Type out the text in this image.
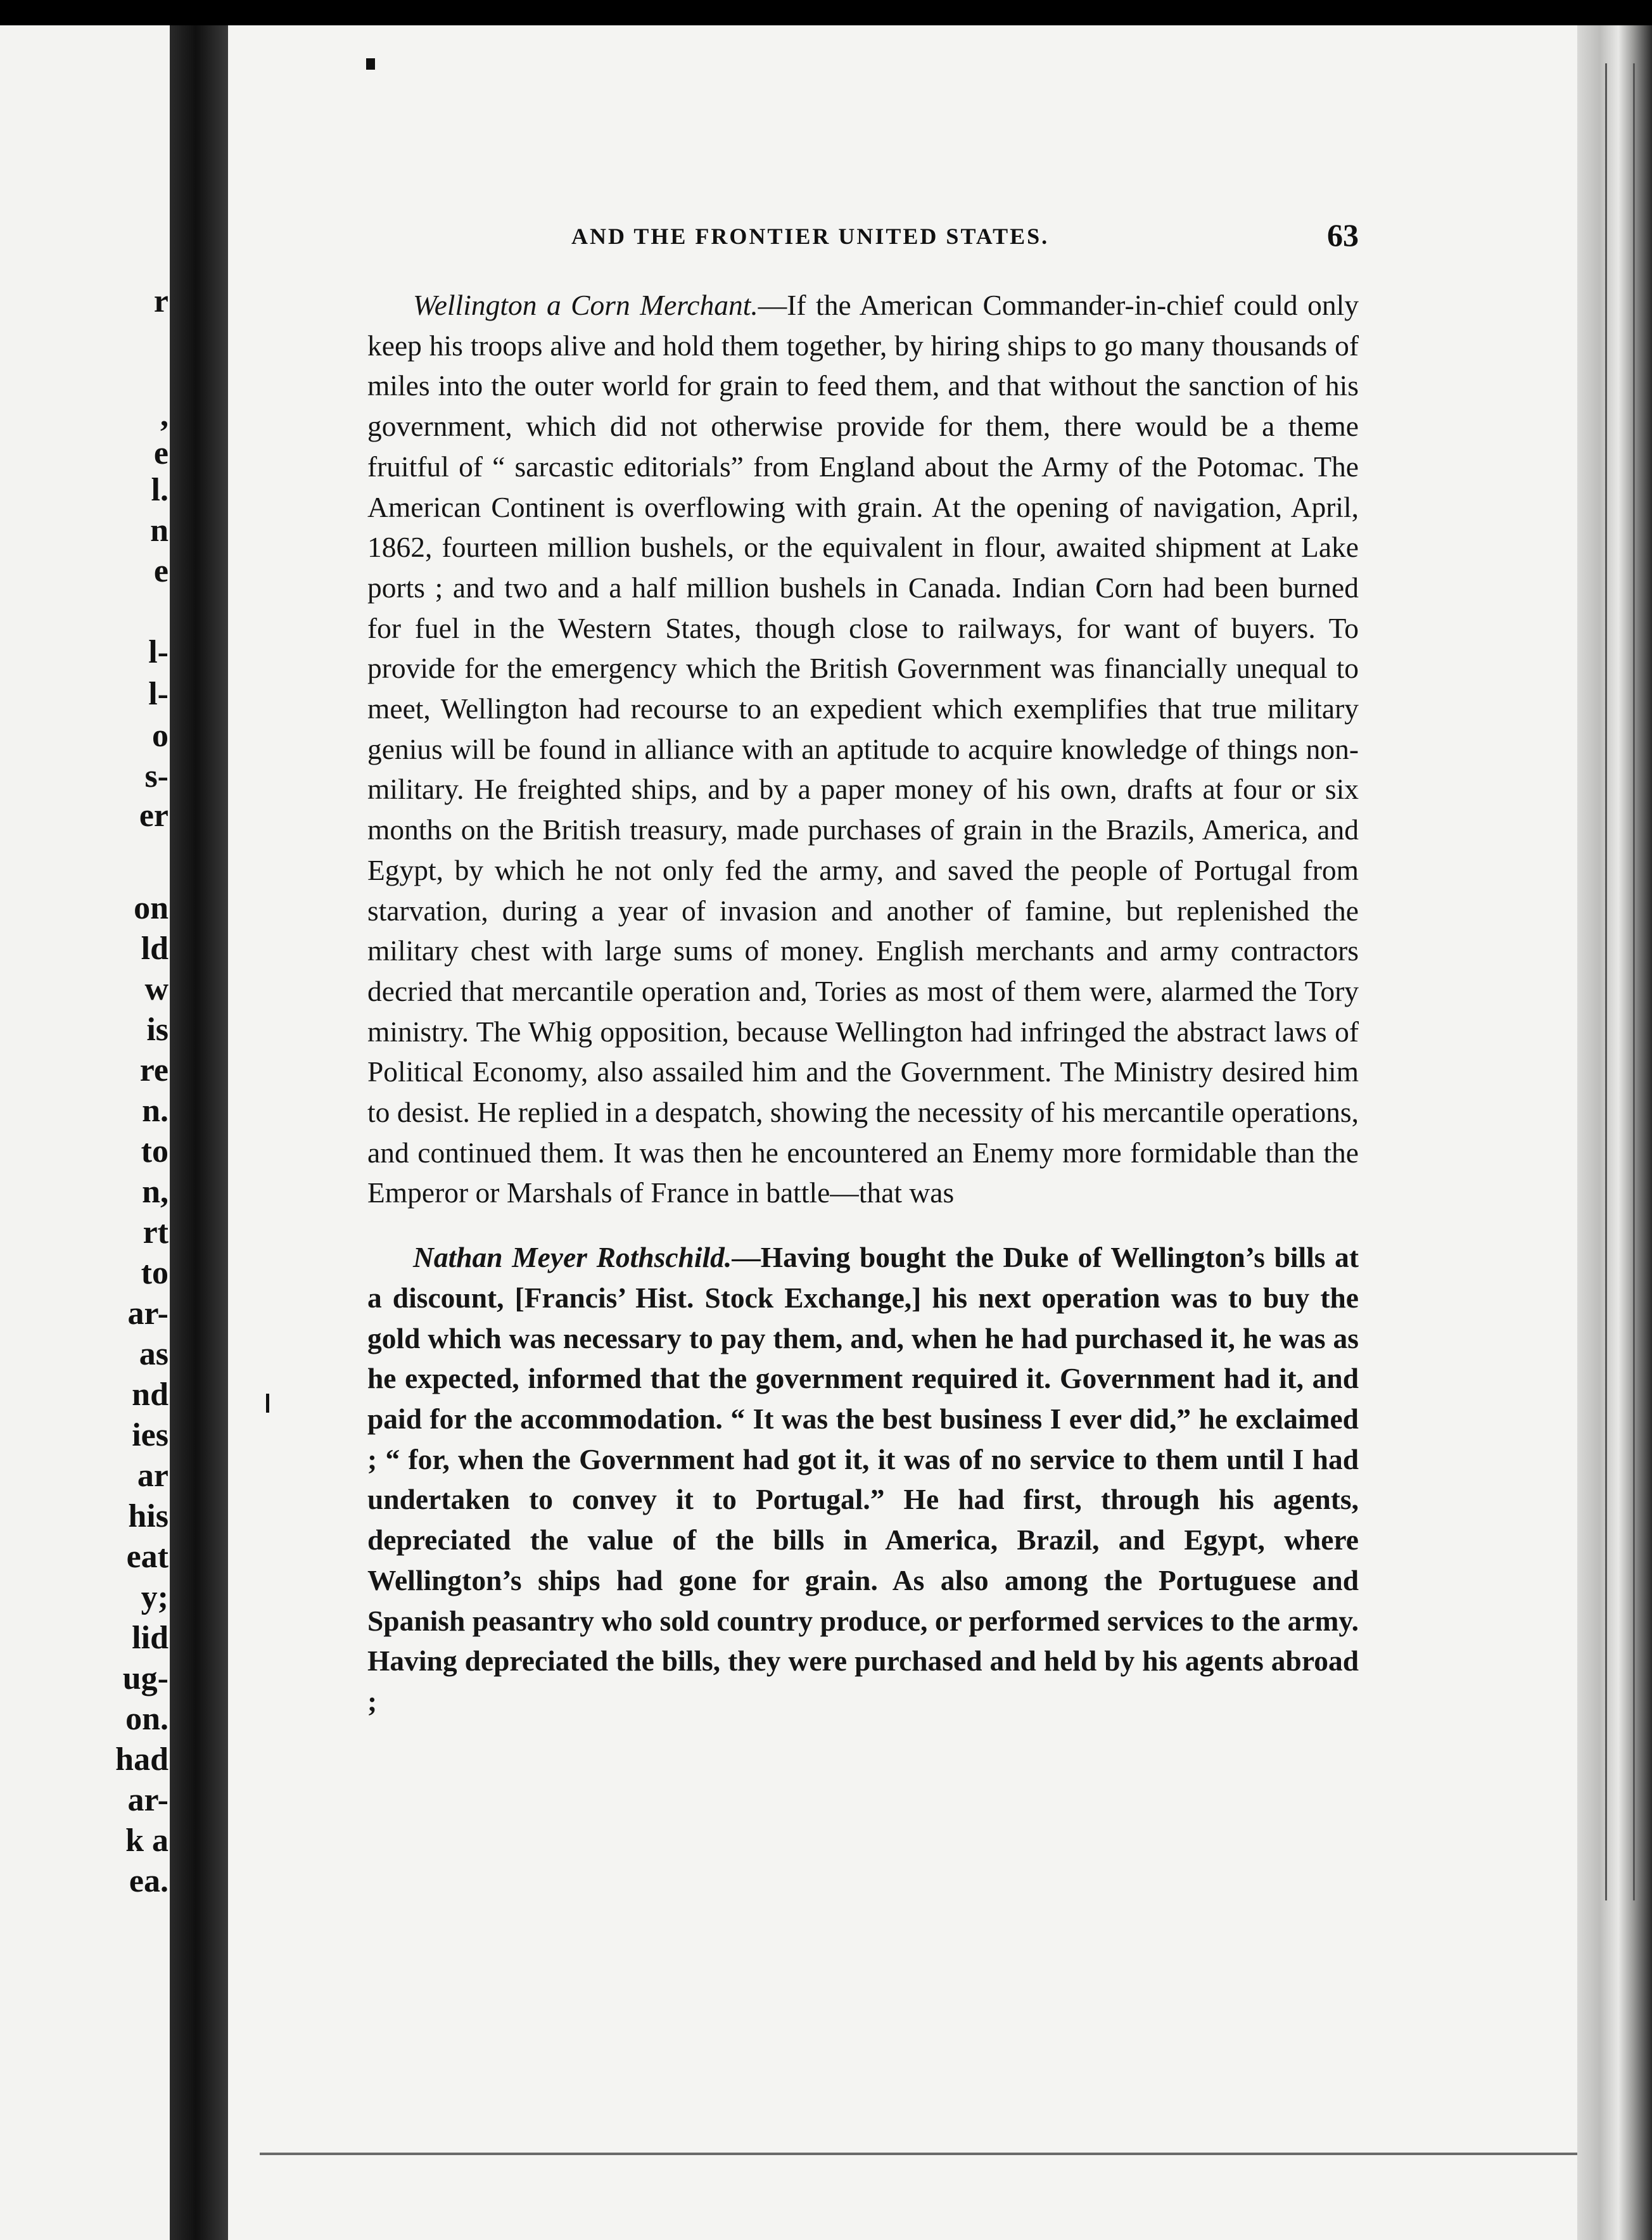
r
,
e
l.
n
e
l-
l-
o
s-
er
on
ld
w
is
re
n.
to
n,
rt
to
ar-
as
nd
ies
ar
his
eat
y;
lid
ug-
on.
had
ar-
k a
ea.
AND THE FRONTIER UNITED STATES.	63

Wellington a Corn Merchant.—If the American Commander-in-chief could only keep his troops alive and hold them together, by hiring ships to go many thousands of miles into the outer world for grain to feed them, and that without the sanction of his government, which did not otherwise provide for them, there would be a theme fruitful of “ sarcastic editorials” from England about the Army of the Potomac. The American Continent is overflowing with grain. At the opening of navigation, April, 1862, fourteen million bushels, or the equivalent in flour, awaited shipment at Lake ports ; and two and a half million bushels in Canada. Indian Corn had been burned for fuel in the Western States, though close to railways, for want of buyers. To provide for the emergency which the British Government was financially unequal to meet, Wellington had recourse to an expedient which exemplifies that true military genius will be found in alliance with an aptitude to acquire knowledge of things non-military. He freighted ships, and by a paper money of his own, drafts at four or six months on the British treasury, made purchases of grain in the Brazils, America, and Egypt, by which he not only fed the army, and saved the people of Portugal from starvation, during a year of invasion and another of famine, but replenished the military chest with large sums of money. English merchants and army contractors decried that mercantile operation and, Tories as most of them were, alarmed the Tory ministry. The Whig opposition, because Wellington had infringed the abstract laws of Political Economy, also assailed him and the Government. The Ministry desired him to desist. He replied in a despatch, showing the necessity of his mercantile operations, and continued them. It was then he encountered an Enemy more formidable than the Emperor or Marshals of France in battle—that was

Nathan Meyer Rothschild.—Having bought the Duke of Wellington’s bills at a discount, [Francis’ Hist. Stock Exchange,] his next operation was to buy the gold which was necessary to pay them, and, when he had purchased it, he was as he expected, informed that the government required it. Government had it, and paid for the accommodation. “ It was the best business I ever did,” he exclaimed ; “ for, when the Government had got it, it was of no service to them until I had undertaken to convey it to Portugal.” He had first, through his agents, depreciated the value of the bills in America, Brazil, and Egypt, where Wellington’s ships had gone for grain. As also among the Portuguese and Spanish peasantry who sold country produce, or performed services to the army. Having depreciated the bills, they were purchased and held by his agents abroad ;
